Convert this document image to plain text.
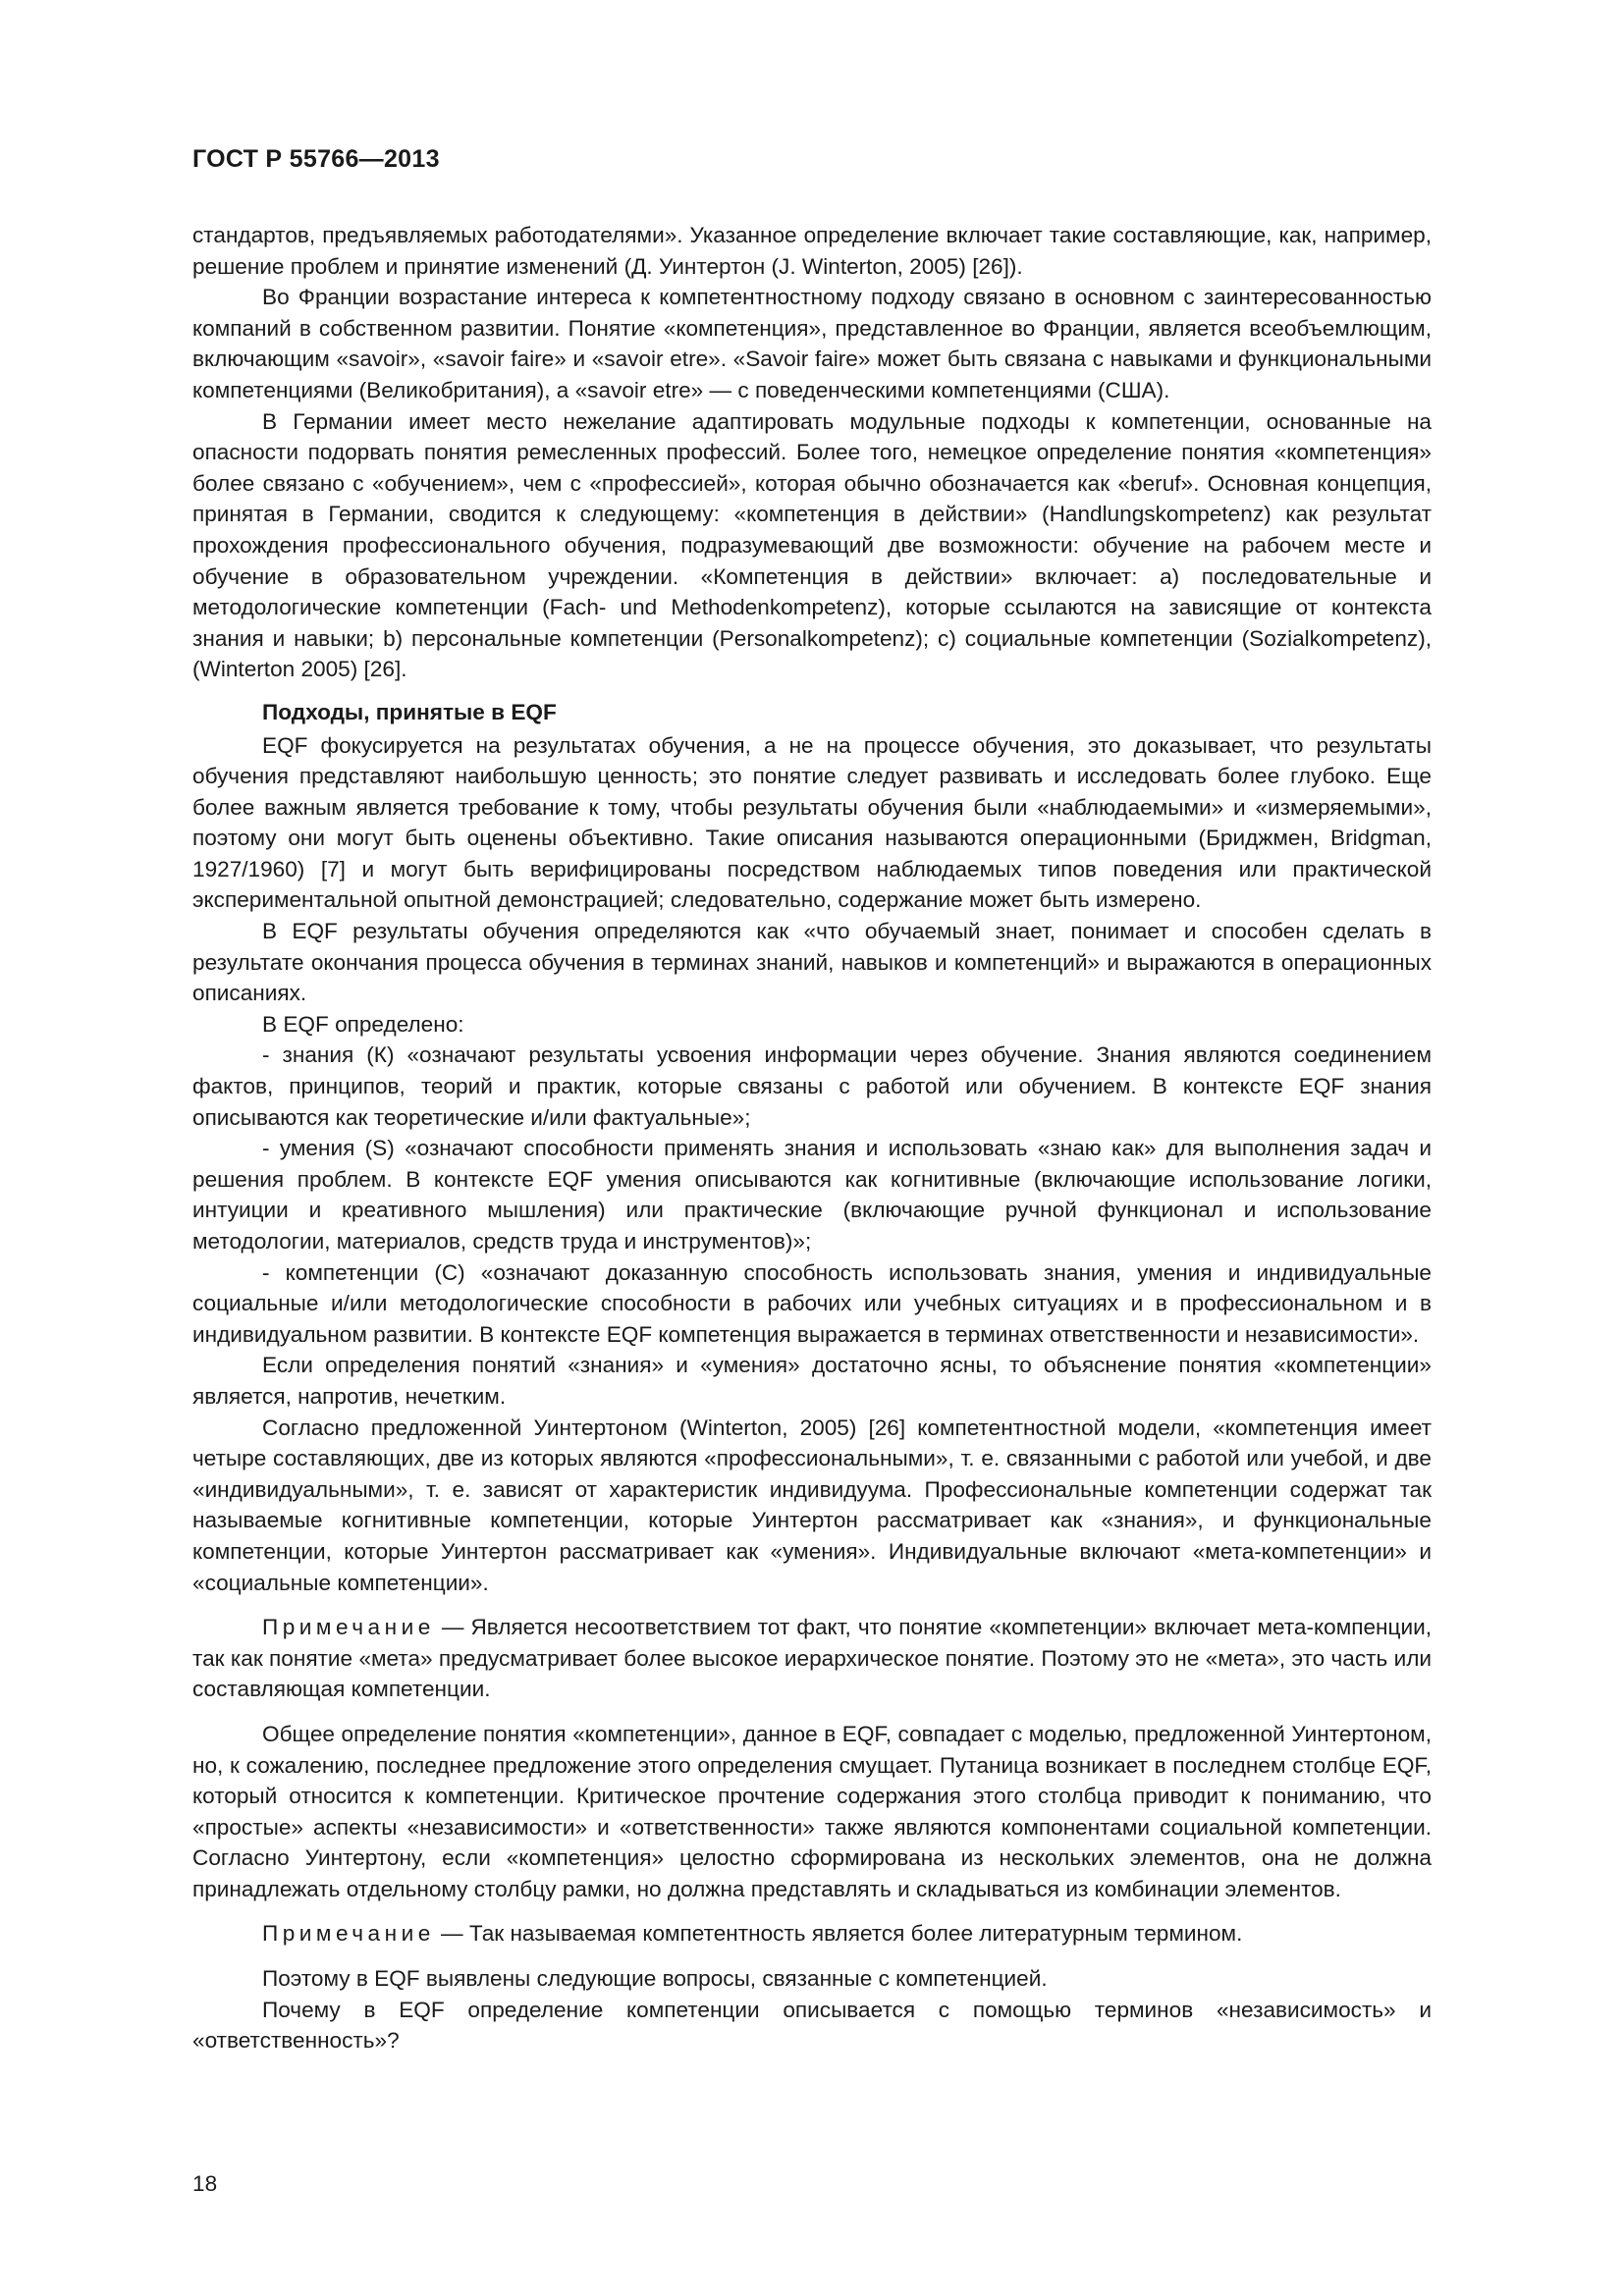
ГОСТ Р 55766—2013

стандартов, предъявляемых работодателями». Указанное определение включает такие составляющие, как, например, решение проблем и принятие изменений (Д. Уинтертон (J. Winterton, 2005) [26]).

Во Франции возрастание интереса к компетентностному подходу связано в основном с заинтересованностью компаний в собственном развитии. Понятие «компетенция», представленное во Франции, является всеобъемлющим, включающим «savoir», «savoir faire» и «savoir etre». «Savoir faire» может быть связана с навыками и функциональными компетенциями (Великобритания), а «savoir etre» — с поведенческими компетенциями (США).

В Германии имеет место нежелание адаптировать модульные подходы к компетенции, основанные на опасности подорвать понятия ремесленных профессий. Более того, немецкое определение понятия «компетенция» более связано с «обучением», чем с «профессией», которая обычно обозначается как «beruf». Основная концепция, принятая в Германии, сводится к следующему: «компетенция в действии» (Handlungskompetenz) как результат прохождения профессионального обучения, подразумевающий две возможности: обучение на рабочем месте и обучение в образовательном учреждении. «Компетенция в действии» включает: a) последовательные и методологические компетенции (Fach- und Methodenkompetenz), которые ссылаются на зависящие от контекста знания и навыки; b) персональные компетенции (Personalkompetenz); c) социальные компетенции (Sozialkompetenz), (Winterton 2005) [26].

Подходы, принятые в EQF

EQF фокусируется на результатах обучения, а не на процессе обучения, это доказывает, что результаты обучения представляют наибольшую ценность; это понятие следует развивать и исследовать более глубоко. Еще более важным является требование к тому, чтобы результаты обучения были «наблюдаемыми» и «измеряемыми», поэтому они могут быть оценены объективно. Такие описания называются операционными (Бриджмен, Bridgman, 1927/1960) [7] и могут быть верифицированы посредством наблюдаемых типов поведения или практической экспериментальной опытной демонстрацией; следовательно, содержание может быть измерено.

В EQF результаты обучения определяются как «что обучаемый знает, понимает и способен сделать в результате окончания процесса обучения в терминах знаний, навыков и компетенций» и выражаются в операционных описаниях.

В EQF определено:

- знания (К) «означают результаты усвоения информации через обучение. Знания являются соединением фактов, принципов, теорий и практик, которые связаны с работой или обучением. В контексте EQF знания описываются как теоретические и/или фактуальные»;

- умения (S) «означают способности применять знания и использовать «знаю как» для выполнения задач и решения проблем. В контексте EQF умения описываются как когнитивные (включающие использование логики, интуиции и креативного мышления) или практические (включающие ручной функционал и использование методологии, материалов, средств труда и инструментов)»;

- компетенции (С) «означают доказанную способность использовать знания, умения и индивидуальные социальные и/или методологические способности в рабочих или учебных ситуациях и в профессиональном и в индивидуальном развитии. В контексте EQF компетенция выражается в терминах ответственности и независимости».

Если определения понятий «знания» и «умения» достаточно ясны, то объяснение понятия «компетенции» является, напротив, нечетким.

Согласно предложенной Уинтертоном (Winterton, 2005) [26] компетентностной модели, «компетенция имеет четыре составляющих, две из которых являются «профессиональными», т. е. связанными с работой или учебой, и две «индивидуальными», т. е. зависят от характеристик индивидуума. Профессиональные компетенции содержат так называемые когнитивные компетенции, которые Уинтертон рассматривает как «знания», и функциональные компетенции, которые Уинтертон рассматривает как «умения». Индивидуальные включают «мета-компетенции» и «социальные компетенции».

Примечание — Является несоответствием тот факт, что понятие «компетенции» включает мета-компенции, так как понятие «мета» предусматривает более высокое иерархическое понятие. Поэтому это не «мета», это часть или составляющая компетенции.

Общее определение понятия «компетенции», данное в EQF, совпадает с моделью, предложенной Уинтертоном, но, к сожалению, последнее предложение этого определения смущает. Путаница возникает в последнем столбце EQF, который относится к компетенции. Критическое прочтение содержания этого столбца приводит к пониманию, что «простые» аспекты «независимости» и «ответственности» также являются компонентами социальной компетенции. Согласно Уинтертону, если «компетенция» целостно сформирована из нескольких элементов, она не должна принадлежать отдельному столбцу рамки, но должна представлять и складываться из комбинации элементов.

Примечание — Так называемая компетентность является более литературным термином.

Поэтому в EQF выявлены следующие вопросы, связанные с компетенцией.

Почему в EQF определение компетенции описывается с помощью терминов «независимость» и «ответственность»?

18
